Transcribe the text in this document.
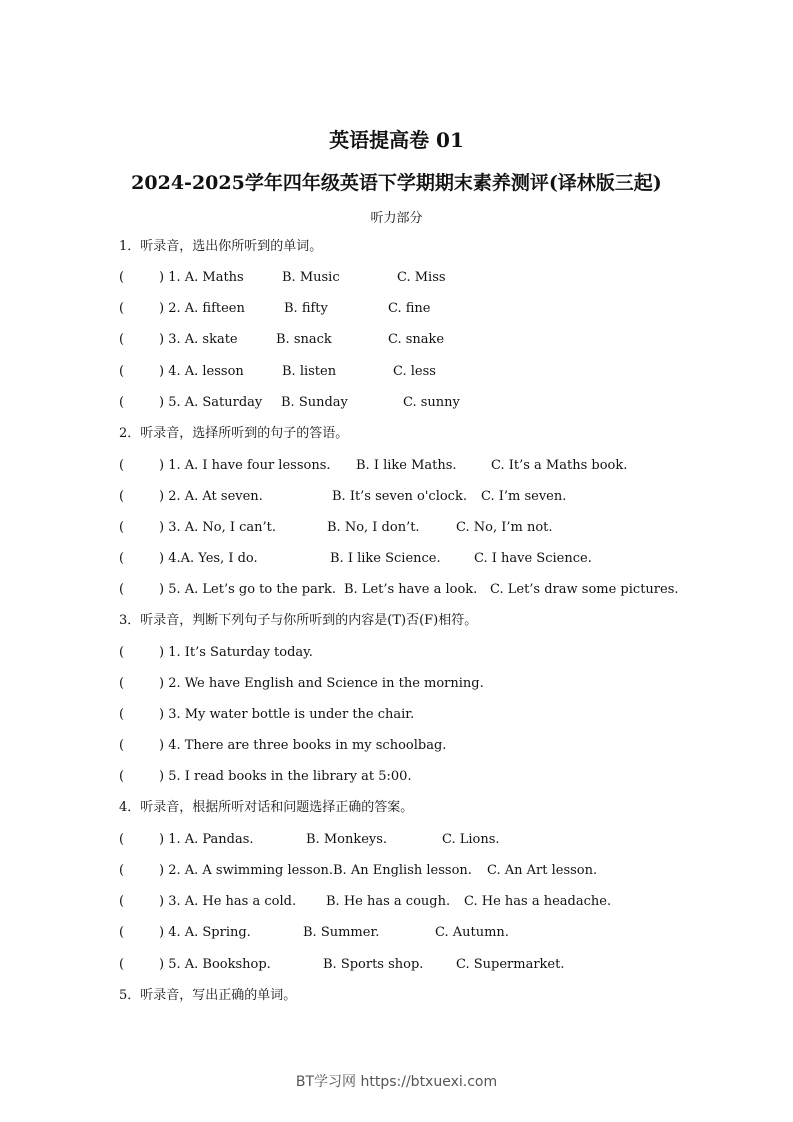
英语提高卷 01
2024-2025学年四年级英语下学期期末素养测评(译林版三起)
听力部分
1．听录音，选出你所听到的单词。
(	) 1. A. Maths	B. Music	C. Miss
(	) 2. A. fifteen	B. fifty	C. fine
(	) 3. A. skate	B. snack	C. snake
(	) 4. A. lesson	B. listen	C. less
(	) 5. A. Saturday B. Sunday	C. sunny
2．听录音，选择所听到的句子的答语。
(	) 1. A. I have four lessons. B. I like Maths.	C. It’s a Maths book.
(	) 2. A. At seven.	B. It’s seven o'clock. C. I’m seven.
(	) 3. A. No, I can’t.	B. No, I don’t.	C. No, I’m not.
(	) 4.A. Yes, I do.	B. I like Science.	C. I have Science.
(	) 5. A. Let’s go to the park. B. Let’s have a look. C. Let’s draw some pictures.
3．听录音，判断下列句子与你所听到的内容是(T)否(F)相符。
(	) 1. It’s Saturday today.
(	) 2. We have English and Science in the morning.
(	) 3. My water bottle is under the chair.
(	) 4. There are three books in my schoolbag.
(	) 5. I read books in the library at 5:00.
4．听录音，根据所听对话和问题选择正确的答案。
(	) 1. A. Pandas.	B. Monkeys.	C. Lions.
(	) 2. A. A swimming lesson. B. An English lesson. C. An Art lesson.
(	) 3. A. He has a cold. B. He has a cough. C. He has a headache.
(	) 4. A. Spring.	B. Summer.	C. Autumn.
(	) 5. A. Bookshop.	B. Sports shop.	C. Supermarket.
5．听录音，写出正确的单词。
BT学习网 https://btxuexi.com
